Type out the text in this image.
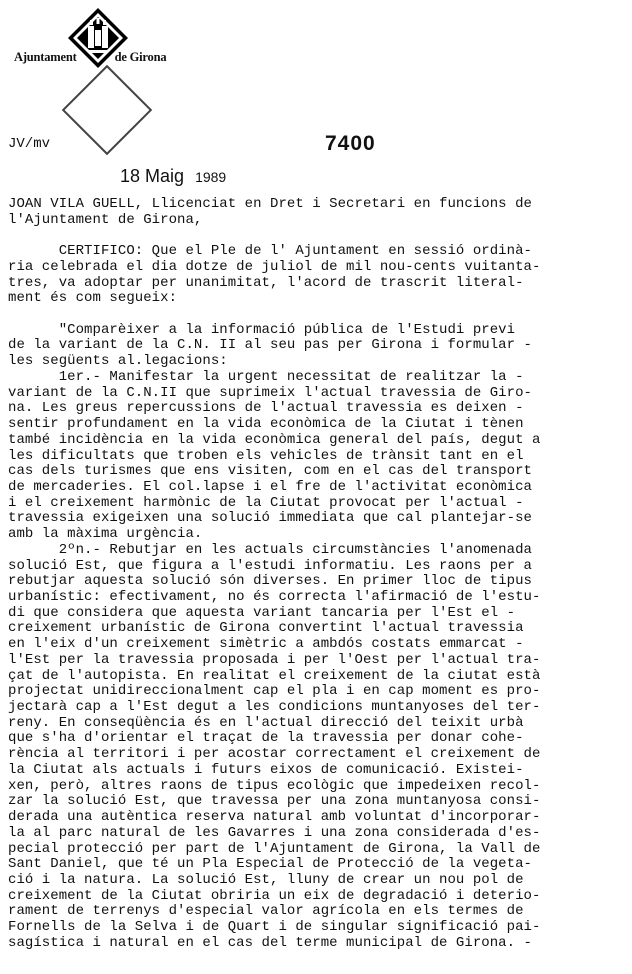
Ajuntament	de Girona
7400
18 Maig 1989
JV/mv
JOAN VILA GUELL, Llicenciat en Dret i Secretari en funcions de
l'Ajuntament de Girona,
CERTIFICO: Que el Ple de l' Ajuntament en sessió ordinà-
ria celebrada el dia dotze de juliol de mil nou-cents vuitanta-
tres, va adoptar per unanimitat, l'acord de trascrit literal-
ment és com segueix:
"Comparèixer a la informació pública de l'Estudi previ
de la variant de la C.N. II al seu pas per Girona i formular -
les següents al.legacions:
1er.- Manifestar la urgent necessitat de realitzar la -
variant de la C.N.II que suprimeix l'actual travessia de Giro-
na. Les greus repercussions de l'actual travessia es deixen -
sentir profundament en la vida econòmica de la Ciutat i tènen
també incidència en la vida econòmica general del país, degut a
les dificultats que troben els vehicles de trànsit tant en el
cas dels turismes que ens visiten, com en el cas del transport
de mercaderies. El col.lapse i el fre de l'activitat econòmica
i el creixement harmònic de la Ciutat provocat per l'actual -
travessia exigeixen una solució immediata que cal plantejar-se
amb la màxima urgència.
2ºn.- Rebutjar en les actuals circumstàncies l'anomenada
solució Est, que figura a l'estudi informatiu. Les raons per a
rebutjar aquesta solució són diverses. En primer lloc de tipus
urbanístic: efectivament, no és correcta l'afirmació de l'estu-
di que considera que aquesta variant tancaria per l'Est el -
creixement urbanístic de Girona convertint l'actual travessia
en l'eix d'un creixement simètric a ambdós costats emmarcat -
l'Est per la travessia proposada i per l'Oest per l'actual tra-
çat de l'autopista. En realitat el creixement de la ciutat està
projectat unidireccionalment cap el pla i en cap moment es pro-
jectarà cap a l'Est degut a les condicions muntanyoses del ter-
reny. En conseqüència és en l'actual direcció del teixit urbà
que s'ha d'orientar el traçat de la travessia per donar cohe-
rència al territori i per acostar correctament el creixement de
la Ciutat als actuals i futurs eixos de comunicació. Existei-
xen, però, altres raons de tipus ecològic que impedeixen recol-
zar la solució Est, que travessa per una zona muntanyosa consi-
derada una autèntica reserva natural amb voluntat d'incorporar-
la al parc natural de les Gavarres i una zona considerada d'es-
pecial protecció per part de l'Ajuntament de Girona, la Vall de
Sant Daniel, que té un Pla Especial de Protecció de la vegeta-
ció i la natura. La solució Est, lluny de crear un nou pol de
creixement de la Ciutat obriria un eix de degradació i deterio-
rament de terrenys d'especial valor agrícola en els termes de
Fornells de la Selva i de Quart i de singular significació pai-
sagística i natural en el cas del terme municipal de Girona. -
